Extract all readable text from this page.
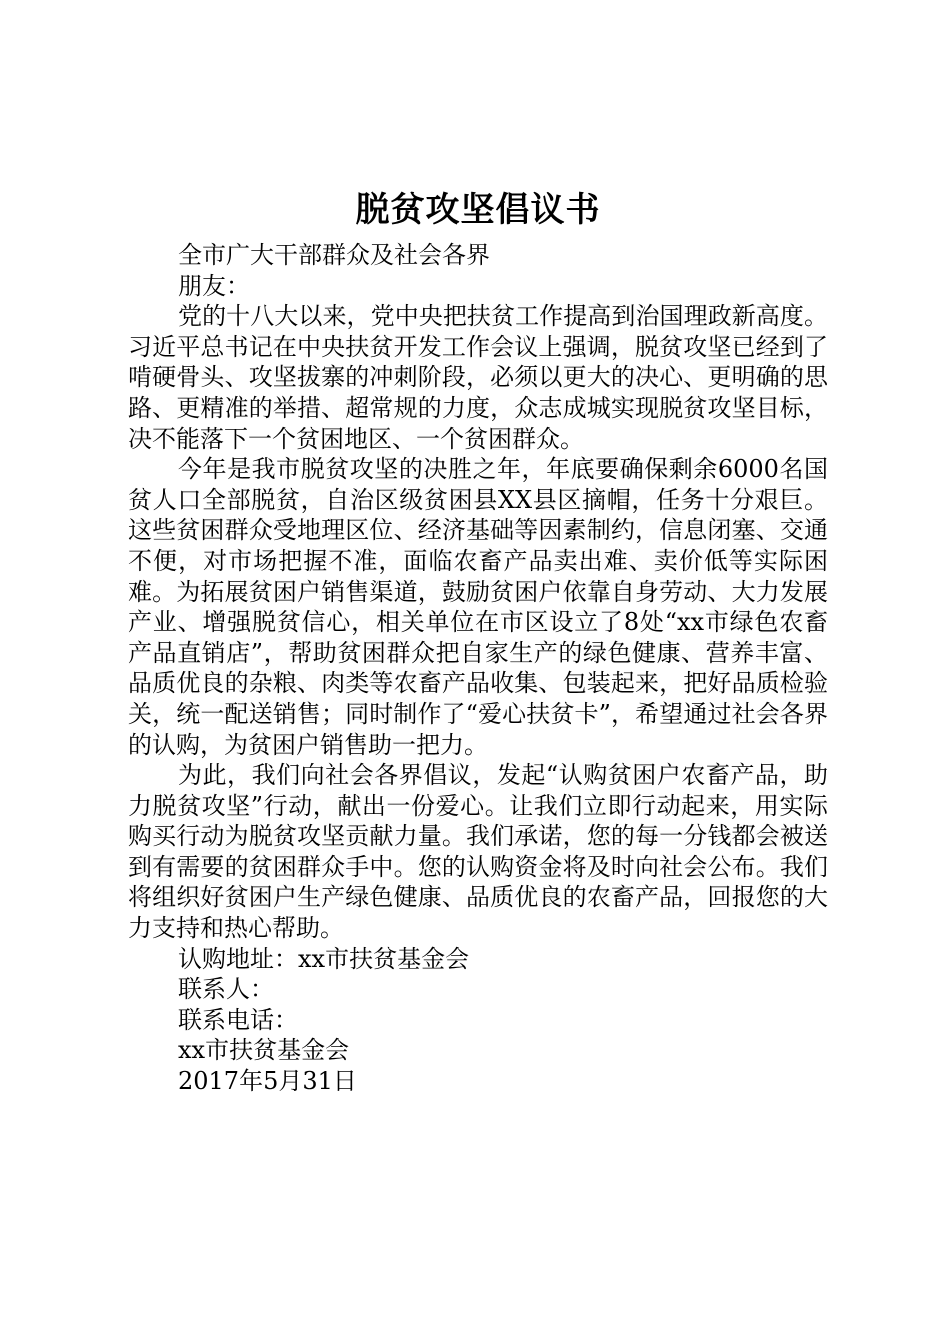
脱贫攻坚倡议书

全市广大干部群众及社会各界

朋友：

党的十八大以来，党中央把扶贫工作提高到治国理政新高度。习近平总书记在中央扶贫开发工作会议上强调，脱贫攻坚已经到了啃硬骨头、攻坚拔寨的冲刺阶段，必须以更大的决心、更明确的思路、更精准的举措、超常规的力度，众志成城实现脱贫攻坚目标，决不能落下一个贫困地区、一个贫困群众。

今年是我市脱贫攻坚的决胜之年，年底要确保剩余6000名国贫人口全部脱贫，自治区级贫困县XX县区摘帽，任务十分艰巨。这些贫困群众受地理区位、经济基础等因素制约，信息闭塞、交通不便，对市场把握不准，面临农畜产品卖出难、卖价低等实际困难。为拓展贫困户销售渠道，鼓励贫困户依靠自身劳动、大力发展产业、增强脱贫信心，相关单位在市区设立了8处“xx市绿色农畜产品直销店”，帮助贫困群众把自家生产的绿色健康、营养丰富、品质优良的杂粮、肉类等农畜产品收集、包装起来，把好品质检验关，统一配送销售；同时制作了“爱心扶贫卡”，希望通过社会各界的认购，为贫困户销售助一把力。

为此，我们向社会各界倡议，发起“认购贫困户农畜产品，助力脱贫攻坚”行动，献出一份爱心。让我们立即行动起来，用实际购买行动为脱贫攻坚贡献力量。我们承诺，您的每一分钱都会被送到有需要的贫困群众手中。您的认购资金将及时向社会公布。我们将组织好贫困户生产绿色健康、品质优良的农畜产品，回报您的大力支持和热心帮助。

认购地址：xx市扶贫基金会

联系人：

联系电话：

xx市扶贫基金会

2017年5月31日
